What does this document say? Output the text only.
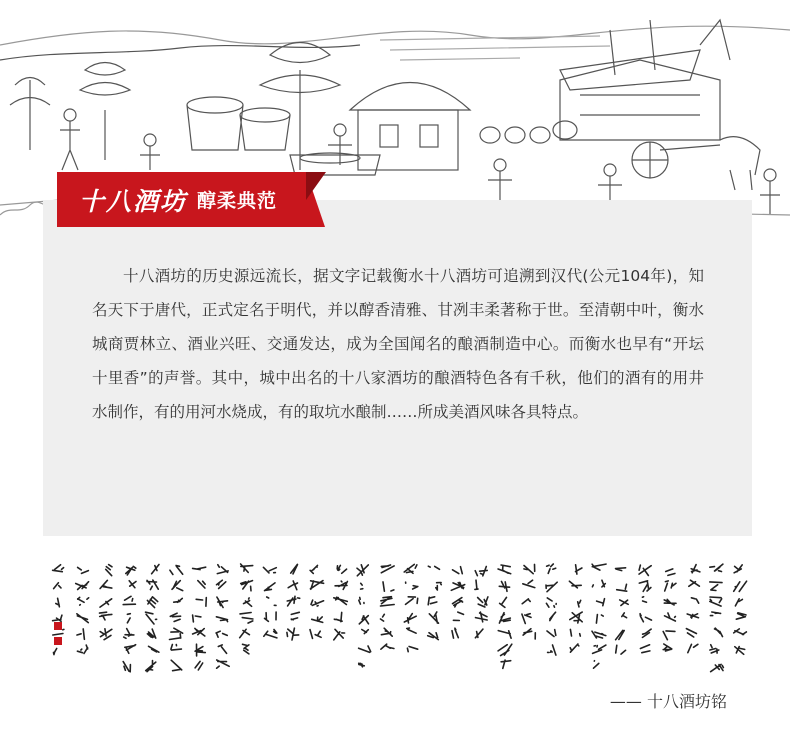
十八酒坊 醇柔典范

十八酒坊的历史源远流长，据文字记载衡水十八酒坊可追溯到汉代(公元104年)，知名天下于唐代，正式定名于明代，并以醇香清雅、甘冽丰柔著称于世。至清朝中叶，衡水城商贾林立、酒业兴旺、交通发达，成为全国闻名的酿酒制造中心。而衡水也早有“开坛十里香”的声誉。其中，城中出名的十八家酒坊的酿酒特色各有千秋，他们的酒有的用井水制作，有的用河水烧成，有的取坑水酿制……所成美酒风味各具特点。

—— 十八酒坊铭
